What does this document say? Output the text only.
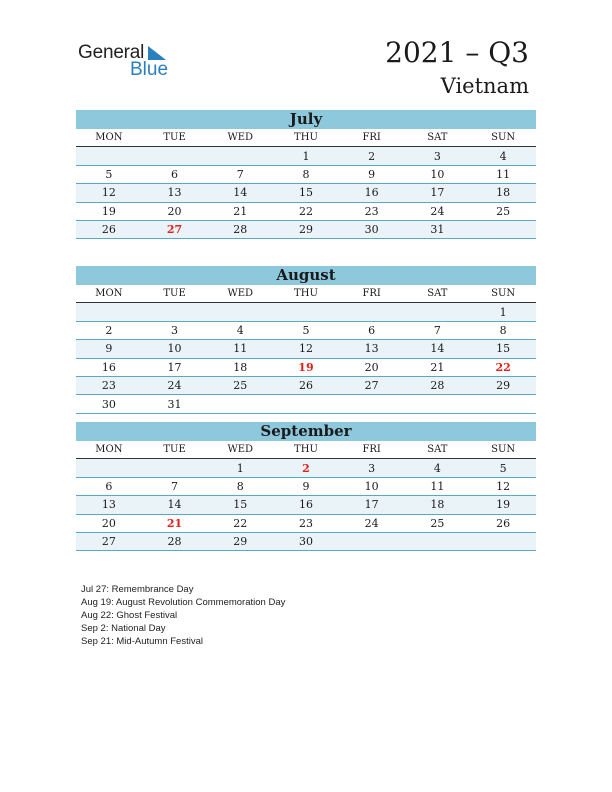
General
Blue
2021 – Q3
Vietnam
July
MON	TUE	WED	THU	FRI	SAT	SUN
			1	2	3	4
5	6	7	8	9	10	11
12	13	14	15	16	17	18
19	20	21	22	23	24	25
26	27	28	29	30	31	
August
MON	TUE	WED	THU	FRI	SAT	SUN
						1
2	3	4	5	6	7	8
9	10	11	12	13	14	15
16	17	18	19	20	21	22
23	24	25	26	27	28	29
30	31					
September
MON	TUE	WED	THU	FRI	SAT	SUN
		1	2	3	4	5
6	7	8	9	10	11	12
13	14	15	16	17	18	19
20	21	22	23	24	25	26
27	28	29	30			
Jul 27: Remembrance Day
Aug 19: August Revolution Commemoration Day
Aug 22: Ghost Festival
Sep 2: National Day
Sep 21: Mid-Autumn Festival
